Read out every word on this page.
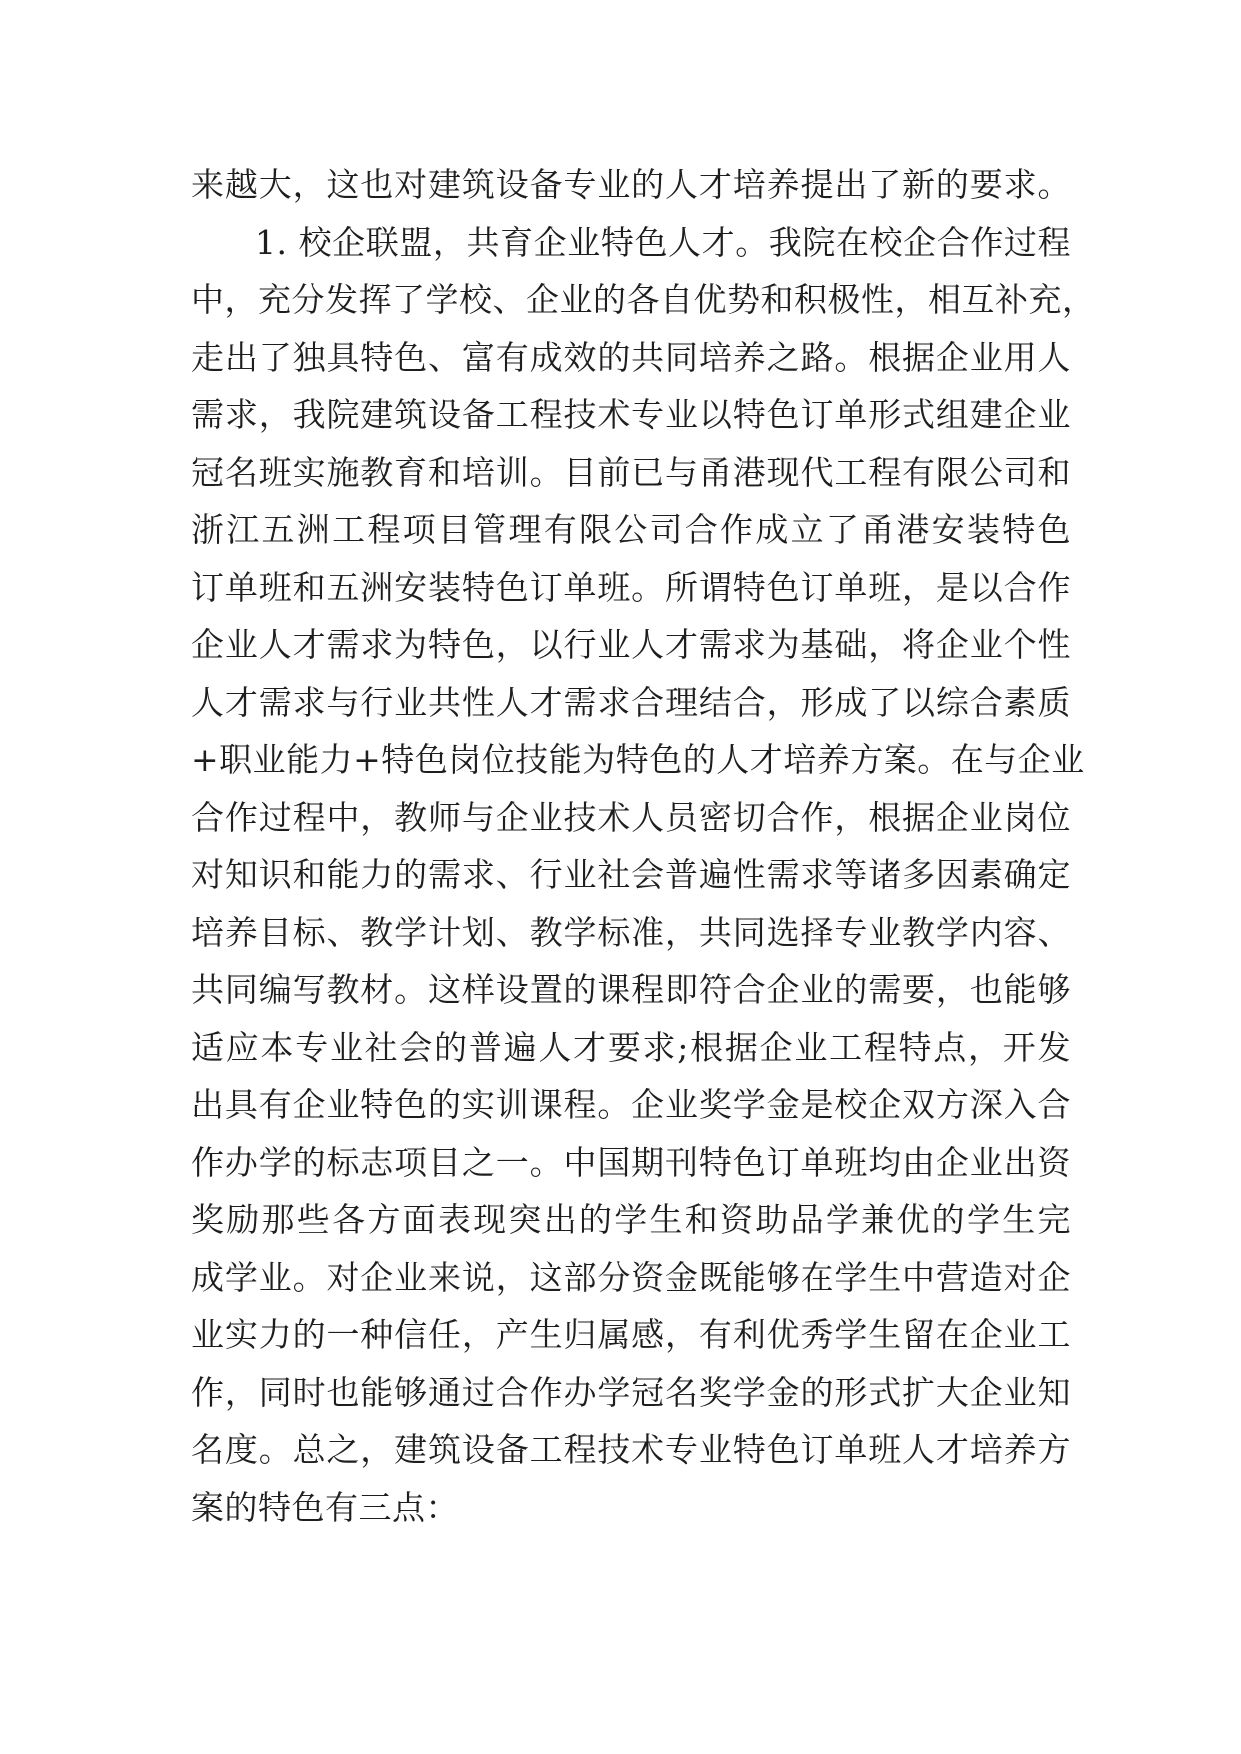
来越大，这也对建筑设备专业的人才培养提出了新的要求。
1. 校企联盟，共育企业特色人才。我院在校企合作过程
中，充分发挥了学校、企业的各自优势和积极性，相互补充，
走出了独具特色、富有成效的共同培养之路。根据企业用人
需求，我院建筑设备工程技术专业以特色订单形式组建企业
冠名班实施教育和培训。目前已与甬港现代工程有限公司和
浙江五洲工程项目管理有限公司合作成立了甬港安装特色
订单班和五洲安装特色订单班。所谓特色订单班，是以合作
企业人才需求为特色，以行业人才需求为基础，将企业个性
人才需求与行业共性人才需求合理结合，形成了以综合素质
+职业能力+特色岗位技能为特色的人才培养方案。在与企业
合作过程中，教师与企业技术人员密切合作，根据企业岗位
对知识和能力的需求、行业社会普遍性需求等诸多因素确定
培养目标、教学计划、教学标准，共同选择专业教学内容、
共同编写教材。这样设置的课程即符合企业的需要，也能够
适应本专业社会的普遍人才要求;根据企业工程特点，开发
出具有企业特色的实训课程。企业奖学金是校企双方深入合
作办学的标志项目之一。中国期刊特色订单班均由企业出资
奖励那些各方面表现突出的学生和资助品学兼优的学生完
成学业。对企业来说，这部分资金既能够在学生中营造对企
业实力的一种信任，产生归属感，有利优秀学生留在企业工
作，同时也能够通过合作办学冠名奖学金的形式扩大企业知
名度。总之，建筑设备工程技术专业特色订单班人才培养方
案的特色有三点：
